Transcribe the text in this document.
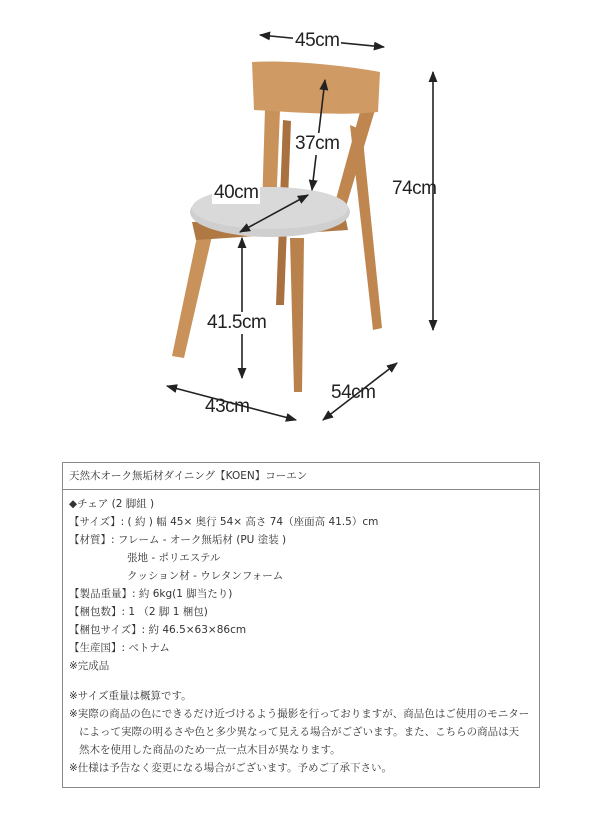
45cm
37cm
74cm
40cm
41.5cm
43cm
54cm
天然木オーク無垢材ダイニング【KOEN】コーエン
◆チェア (2 脚組 )
【サイズ】: ( 約 ) 幅 45× 奥行 54× 高さ 74（座面高 41.5）cm
【材質】: フレーム - オーク無垢材 (PU 塗装 )
張地 - ポリエステル
クッション材 - ウレタンフォーム
【製品重量】: 約 6kg(1 脚当たり)
【梱包数】: 1 （2 脚 1 梱包)
【梱包サイズ】: 約 46.5×63×86cm
【生産国】: ベトナム
※完成品
※サイズ重量は概算です。
※実際の商品の色にできるだけ近づけるよう撮影を行っておりますが、商品色はご使用のモニター
によって実際の明るさや色と多少異なって見える場合がございます。また、こちらの商品は天
然木を使用した商品のため一点一点木目が異なります。
※仕様は予告なく変更になる場合がございます。予めご了承下さい。
